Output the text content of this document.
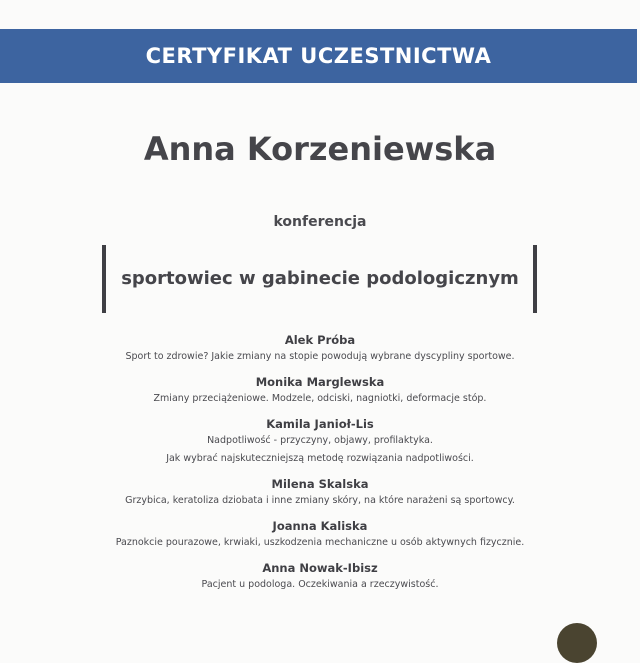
CERTYFIKAT UCZESTNICTWA
Anna Korzeniewska
konferencja
sportowiec w gabinecie podologicznym
Alek Próba
Sport to zdrowie? Jakie zmiany na stopie powodują wybrane dyscypliny sportowe.
Monika Marglewska
Zmiany przeciążeniowe. Modzele, odciski, nagniotki, deformacje stóp.
Kamila Janioł-Lis
Nadpotliwość - przyczyny, objawy, profilaktyka.
Jak wybrać najskuteczniejszą metodę rozwiązania nadpotliwości.
Milena Skalska
Grzybica, keratoliza dziobata i inne zmiany skóry, na które narażeni są sportowcy.
Joanna Kaliska
Paznokcie pourazowe, krwiaki, uszkodzenia mechaniczne u osób aktywnych fizycznie.
Anna Nowak-Ibisz
Pacjent u podologa. Oczekiwania a rzeczywistość.
